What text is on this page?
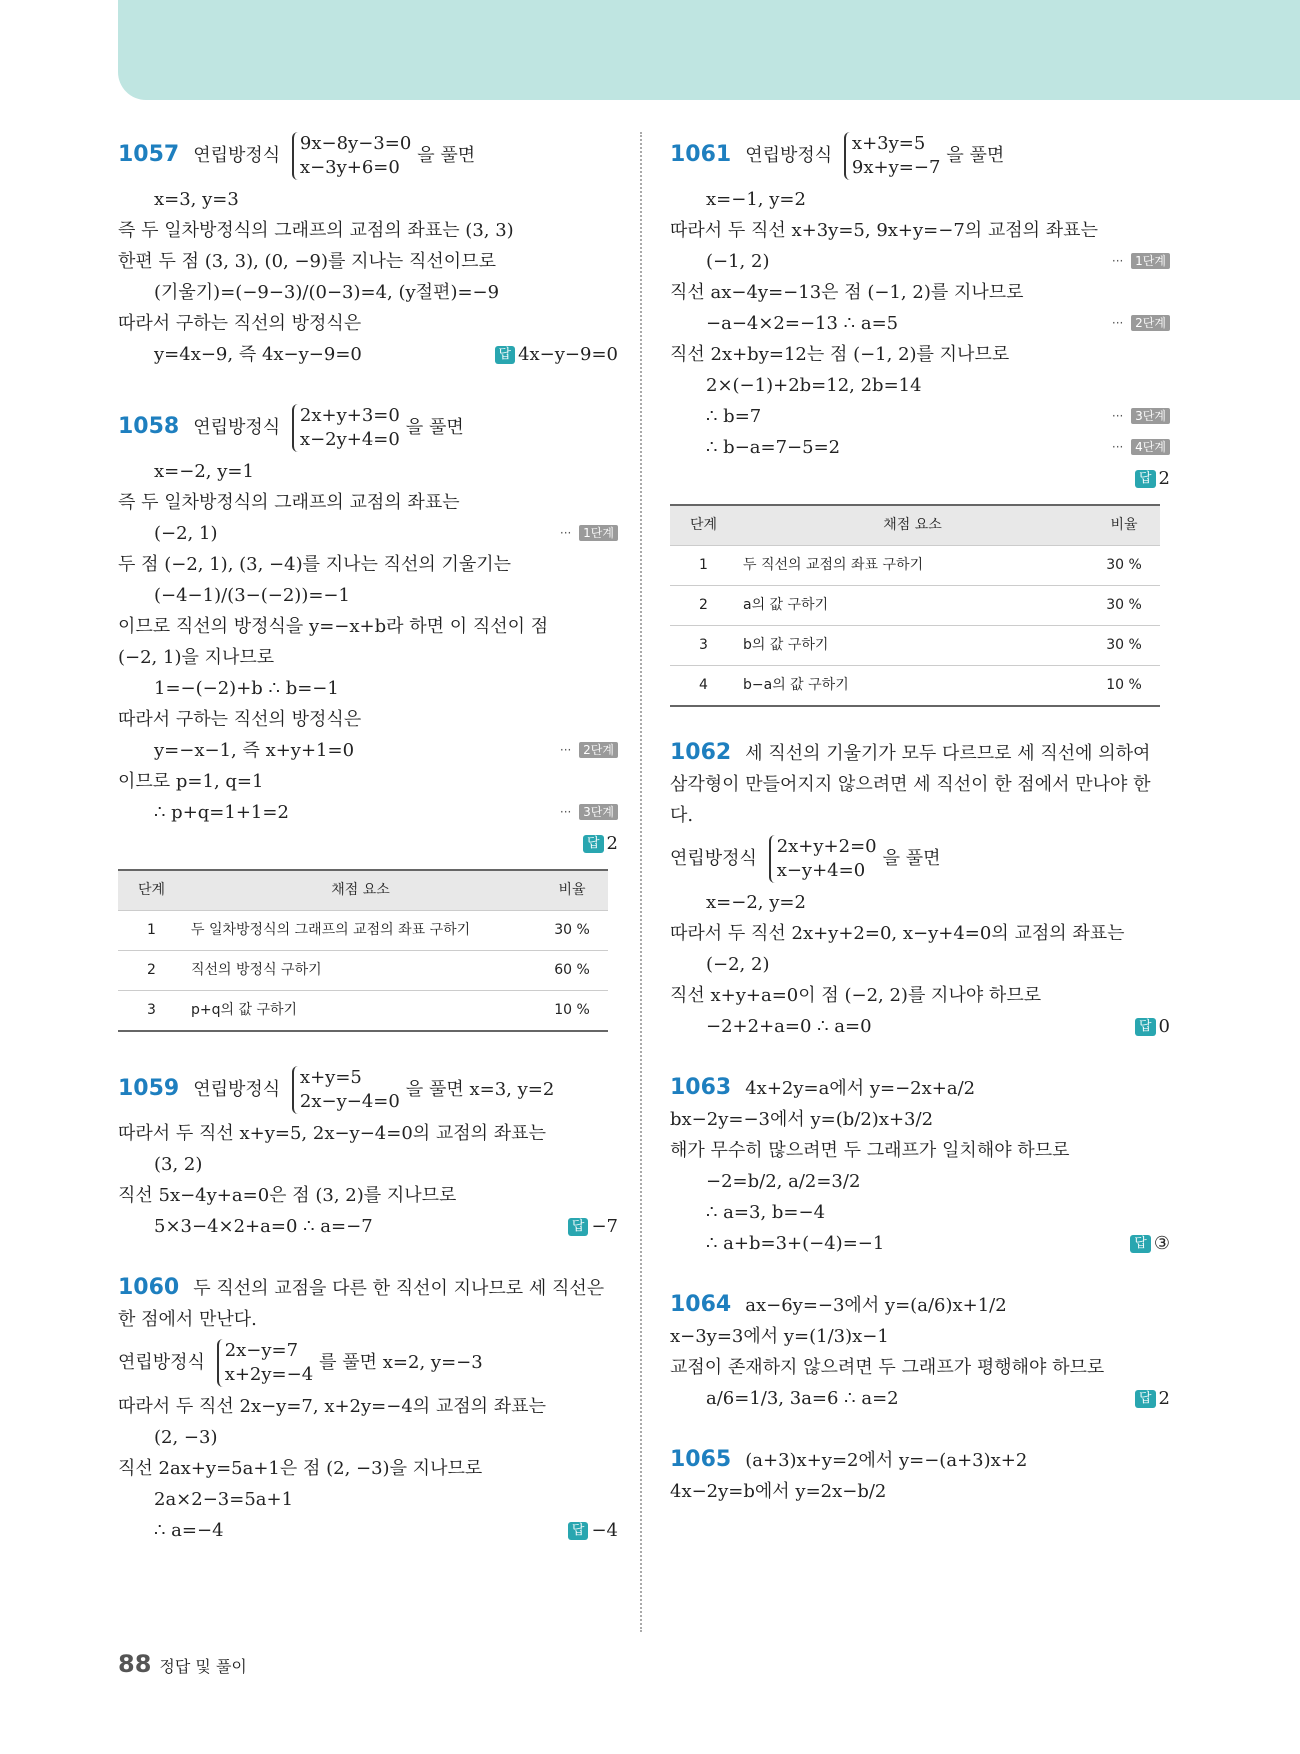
1057 연립방정식 9x−8y−3=0
x−3y+6=0을 풀면
x=3, y=3
즉 두 일차방정식의 그래프의 교점의 좌표는 (3, 3)
한편 두 점 (3, 3), (0, −9)를 지나는 직선이므로
(기울기)=(−9−3)/(0−3)=4, (y절편)=−9
따라서 구하는 직선의 방정식은
y=4x−9, 즉 4x−y−9=0	답 4x−y−9=0
1058 연립방정식 2x+y+3=0
x−2y+4=0을 풀면
x=−2, y=1
즉 두 일차방정식의 그래프의 교점의 좌표는
(−2, 1)	··· 1단계
두 점 (−2, 1), (3, −4)를 지나는 직선의 기울기는
(−4−1)/(3−(−2))=−1
이므로 직선의 방정식을 y=−x+b라 하면 이 직선이 점
(−2, 1)을 지나므로
1=−(−2)+b ∴ b=−1
따라서 구하는 직선의 방정식은
y=−x−1, 즉 x+y+1=0	··· 2단계
이므로 p=1, q=1
∴ p+q=1+1=2	··· 3단계
답 2
단계	채점 요소	비율
1	두 일차방정식의 그래프의 교점의 좌표 구하기	30 %
2	직선의 방정식 구하기	60 %
3	p+q의 값 구하기	10 %
1059 연립방정식 x+y=5
2x−y−4=0을 풀면 x=3, y=2
따라서 두 직선 x+y=5, 2x−y−4=0의 교점의 좌표는
(3, 2)
직선 5x−4y+a=0은 점 (3, 2)를 지나므로
5×3−4×2+a=0 ∴ a=−7	답 −7
1060 두 직선의 교점을 다른 한 직선이 지나므로 세 직선은
한 점에서 만난다.
연립방정식 2x−y=7
x+2y=−4를 풀면 x=2, y=−3
따라서 두 직선 2x−y=7, x+2y=−4의 교점의 좌표는
(2, −3)
직선 2ax+y=5a+1은 점 (2, −3)을 지나므로
2a×2−3=5a+1
∴ a=−4	답 −4
1061 연립방정식 x+3y=5
9x+y=−7을 풀면
x=−1, y=2
따라서 두 직선 x+3y=5, 9x+y=−7의 교점의 좌표는
(−1, 2)	··· 1단계
직선 ax−4y=−13은 점 (−1, 2)를 지나므로
−a−4×2=−13 ∴ a=5	··· 2단계
직선 2x+by=12는 점 (−1, 2)를 지나므로
2×(−1)+2b=12, 2b=14
∴ b=7	··· 3단계
∴ b−a=7−5=2	··· 4단계
답 2
단계	채점 요소	비율
1	두 직선의 교점의 좌표 구하기	30 %
2	a의 값 구하기	30 %
3	b의 값 구하기	30 %
4	b−a의 값 구하기	10 %
1062 세 직선의 기울기가 모두 다르므로 세 직선에 의하여
삼각형이 만들어지지 않으려면 세 직선이 한 점에서 만나야 한다.
연립방정식 2x+y+2=0
x−y+4=0을 풀면
x=−2, y=2
따라서 두 직선 2x+y+2=0, x−y+4=0의 교점의 좌표는
(−2, 2)
직선 x+y+a=0이 점 (−2, 2)를 지나야 하므로
−2+2+a=0 ∴ a=0	답 0
1063 4x+2y=a에서 y=−2x+a/2
bx−2y=−3에서 y=(b/2)x+3/2
해가 무수히 많으려면 두 그래프가 일치해야 하므로
−2=b/2, a/2=3/2
∴ a=3, b=−4
∴ a+b=3+(−4)=−1	답 ③
1064 ax−6y=−3에서 y=(a/6)x+1/2
x−3y=3에서 y=(1/3)x−1
교점이 존재하지 않으려면 두 그래프가 평행해야 하므로
a/6=1/3, 3a=6 ∴ a=2	답 2
1065 (a+3)x+y=2에서 y=−(a+3)x+2
4x−2y=b에서 y=2x−b/2
88 정답 및 풀이
